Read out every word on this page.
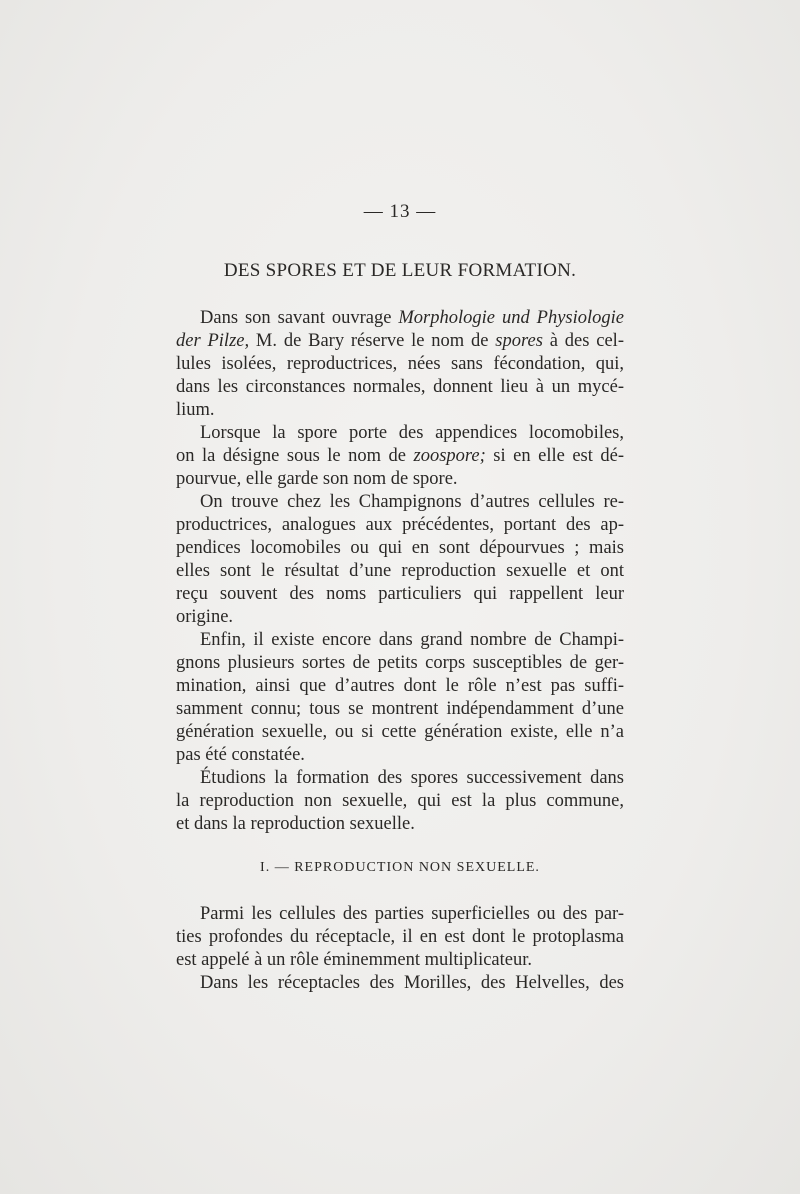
— 13 —
DES SPORES ET DE LEUR FORMATION.
Dans son savant ouvrage Morphologie und Physiologie
der Pilze, M. de Bary réserve le nom de spores à des cel-
lules isolées, reproductrices, nées sans fécondation, qui,
dans les circonstances normales, donnent lieu à un mycé-
lium.
Lorsque la spore porte des appendices locomobiles,
on la désigne sous le nom de zoospore; si en elle est dé-
pourvue, elle garde son nom de spore.
On trouve chez les Champignons d’autres cellules re-
productrices, analogues aux précédentes, portant des ap-
pendices locomobiles ou qui en sont dépourvues ; mais
elles sont le résultat d’une reproduction sexuelle et ont
reçu souvent des noms particuliers qui rappellent leur
origine.
Enfin, il existe encore dans grand nombre de Champi-
gnons plusieurs sortes de petits corps susceptibles de ger-
mination, ainsi que d’autres dont le rôle n’est pas suffi-
samment connu; tous se montrent indépendamment d’une
génération sexuelle, ou si cette génération existe, elle n’a
pas été constatée.
Étudions la formation des spores successivement dans
la reproduction non sexuelle, qui est la plus commune,
et dans la reproduction sexuelle.
I. — REPRODUCTION NON SEXUELLE.
Parmi les cellules des parties superficielles ou des par-
ties profondes du réceptacle, il en est dont le protoplasma
est appelé à un rôle éminemment multiplicateur.
Dans les réceptacles des Morilles, des Helvelles, des
